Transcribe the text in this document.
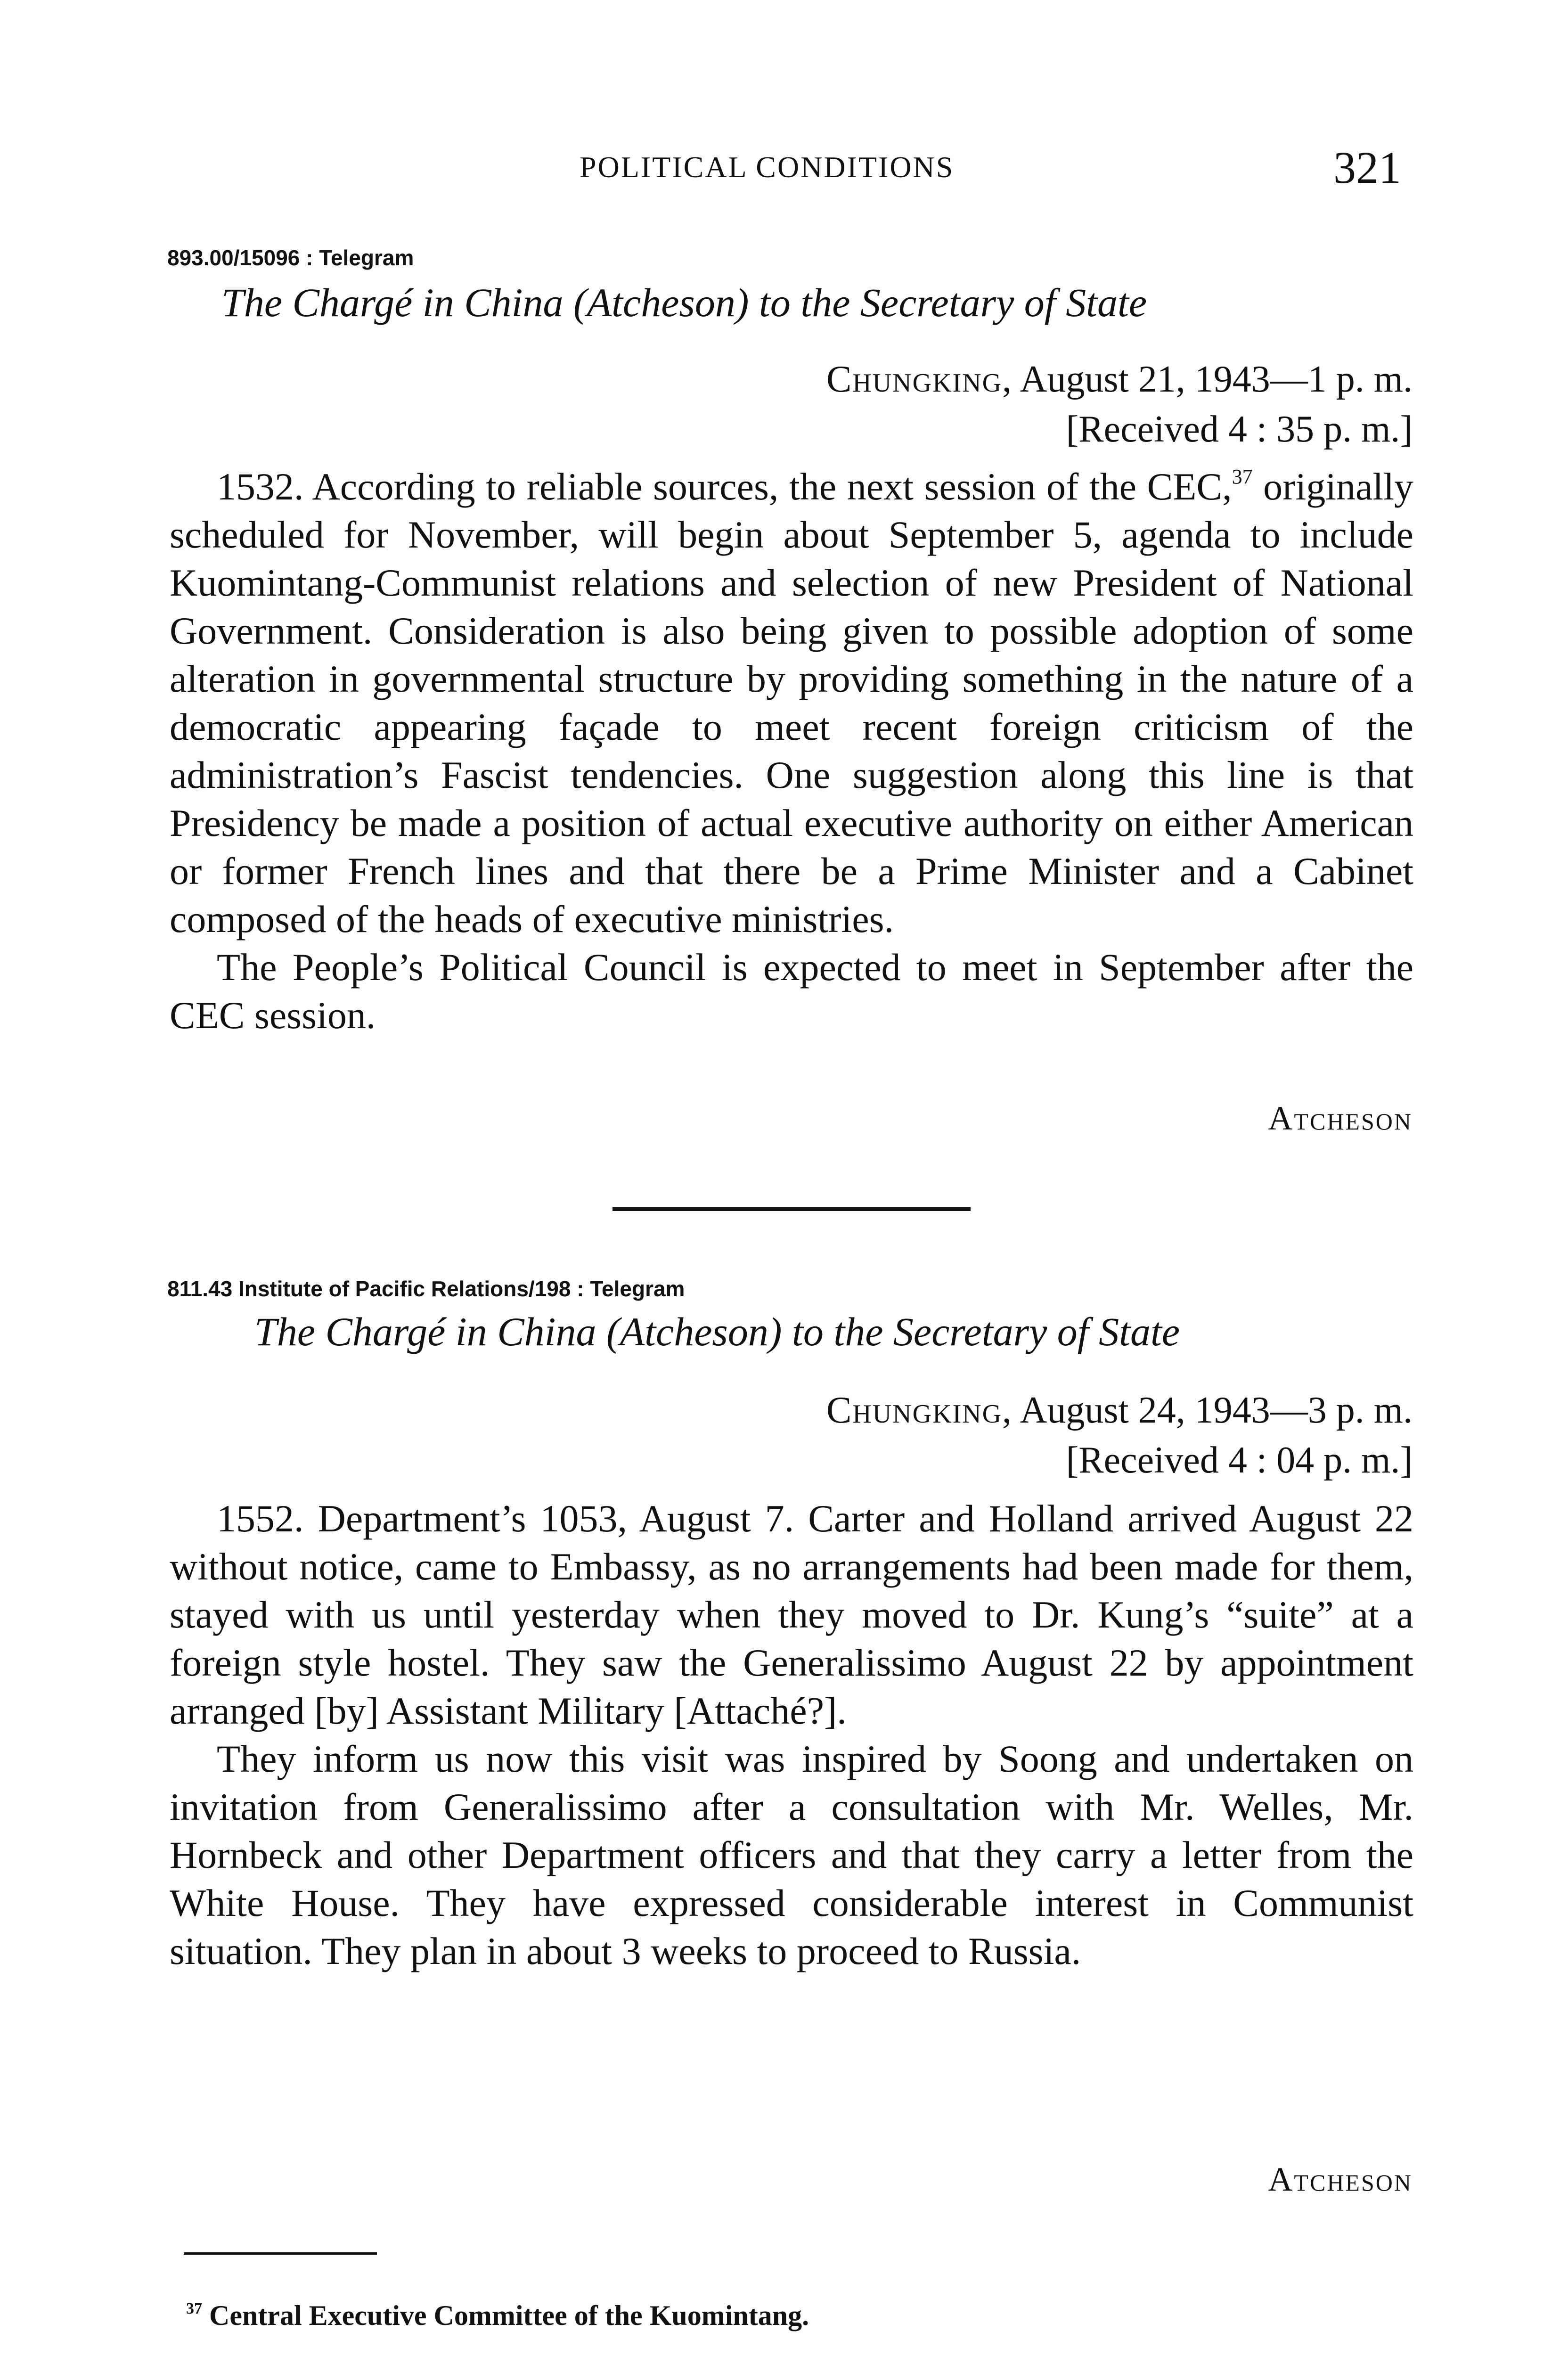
POLITICAL CONDITIONS	321
893.00/15096 : Telegram
The Chargé in China (Atcheson) to the Secretary of State
Chungking, August 21, 1943—1 p. m.
[Received 4 : 35 p. m.]

1532. According to reliable sources, the next session of the CEC,$^{37}$ originally scheduled for November, will begin about September 5, agenda to include Kuomintang-Communist relations and selection of new President of National Government. Consideration is also being given to possible adoption of some alteration in governmental structure by providing something in the nature of a democratic appearing façade to meet recent foreign criticism of the administration’s Fascist tendencies. One suggestion along this line is that Presidency be made a position of actual executive authority on either American or former French lines and that there be a Prime Minister and a Cabinet composed of the heads of executive ministries.

The People’s Political Council is expected to meet in September after the CEC session.

Atcheson
811.43 Institute of Pacific Relations/198 : Telegram
The Chargé in China (Atcheson) to the Secretary of State
Chungking, August 24, 1943—3 p. m.
[Received 4 : 04 p. m.]

1552. Department’s 1053, August 7. Carter and Holland arrived August 22 without notice, came to Embassy, as no arrangements had been made for them, stayed with us until yesterday when they moved to Dr. Kung’s “suite” at a foreign style hostel. They saw the Generalissimo August 22 by appointment arranged [by] Assistant Military [Attaché?].

They inform us now this visit was inspired by Soong and undertaken on invitation from Generalissimo after a consultation with Mr. Welles, Mr. Hornbeck and other Department officers and that they carry a letter from the White House. They have expressed considerable interest in Communist situation. They plan in about 3 weeks to proceed to Russia.

Atcheson
$^{37}$ Central Executive Committee of the Kuomintang.
